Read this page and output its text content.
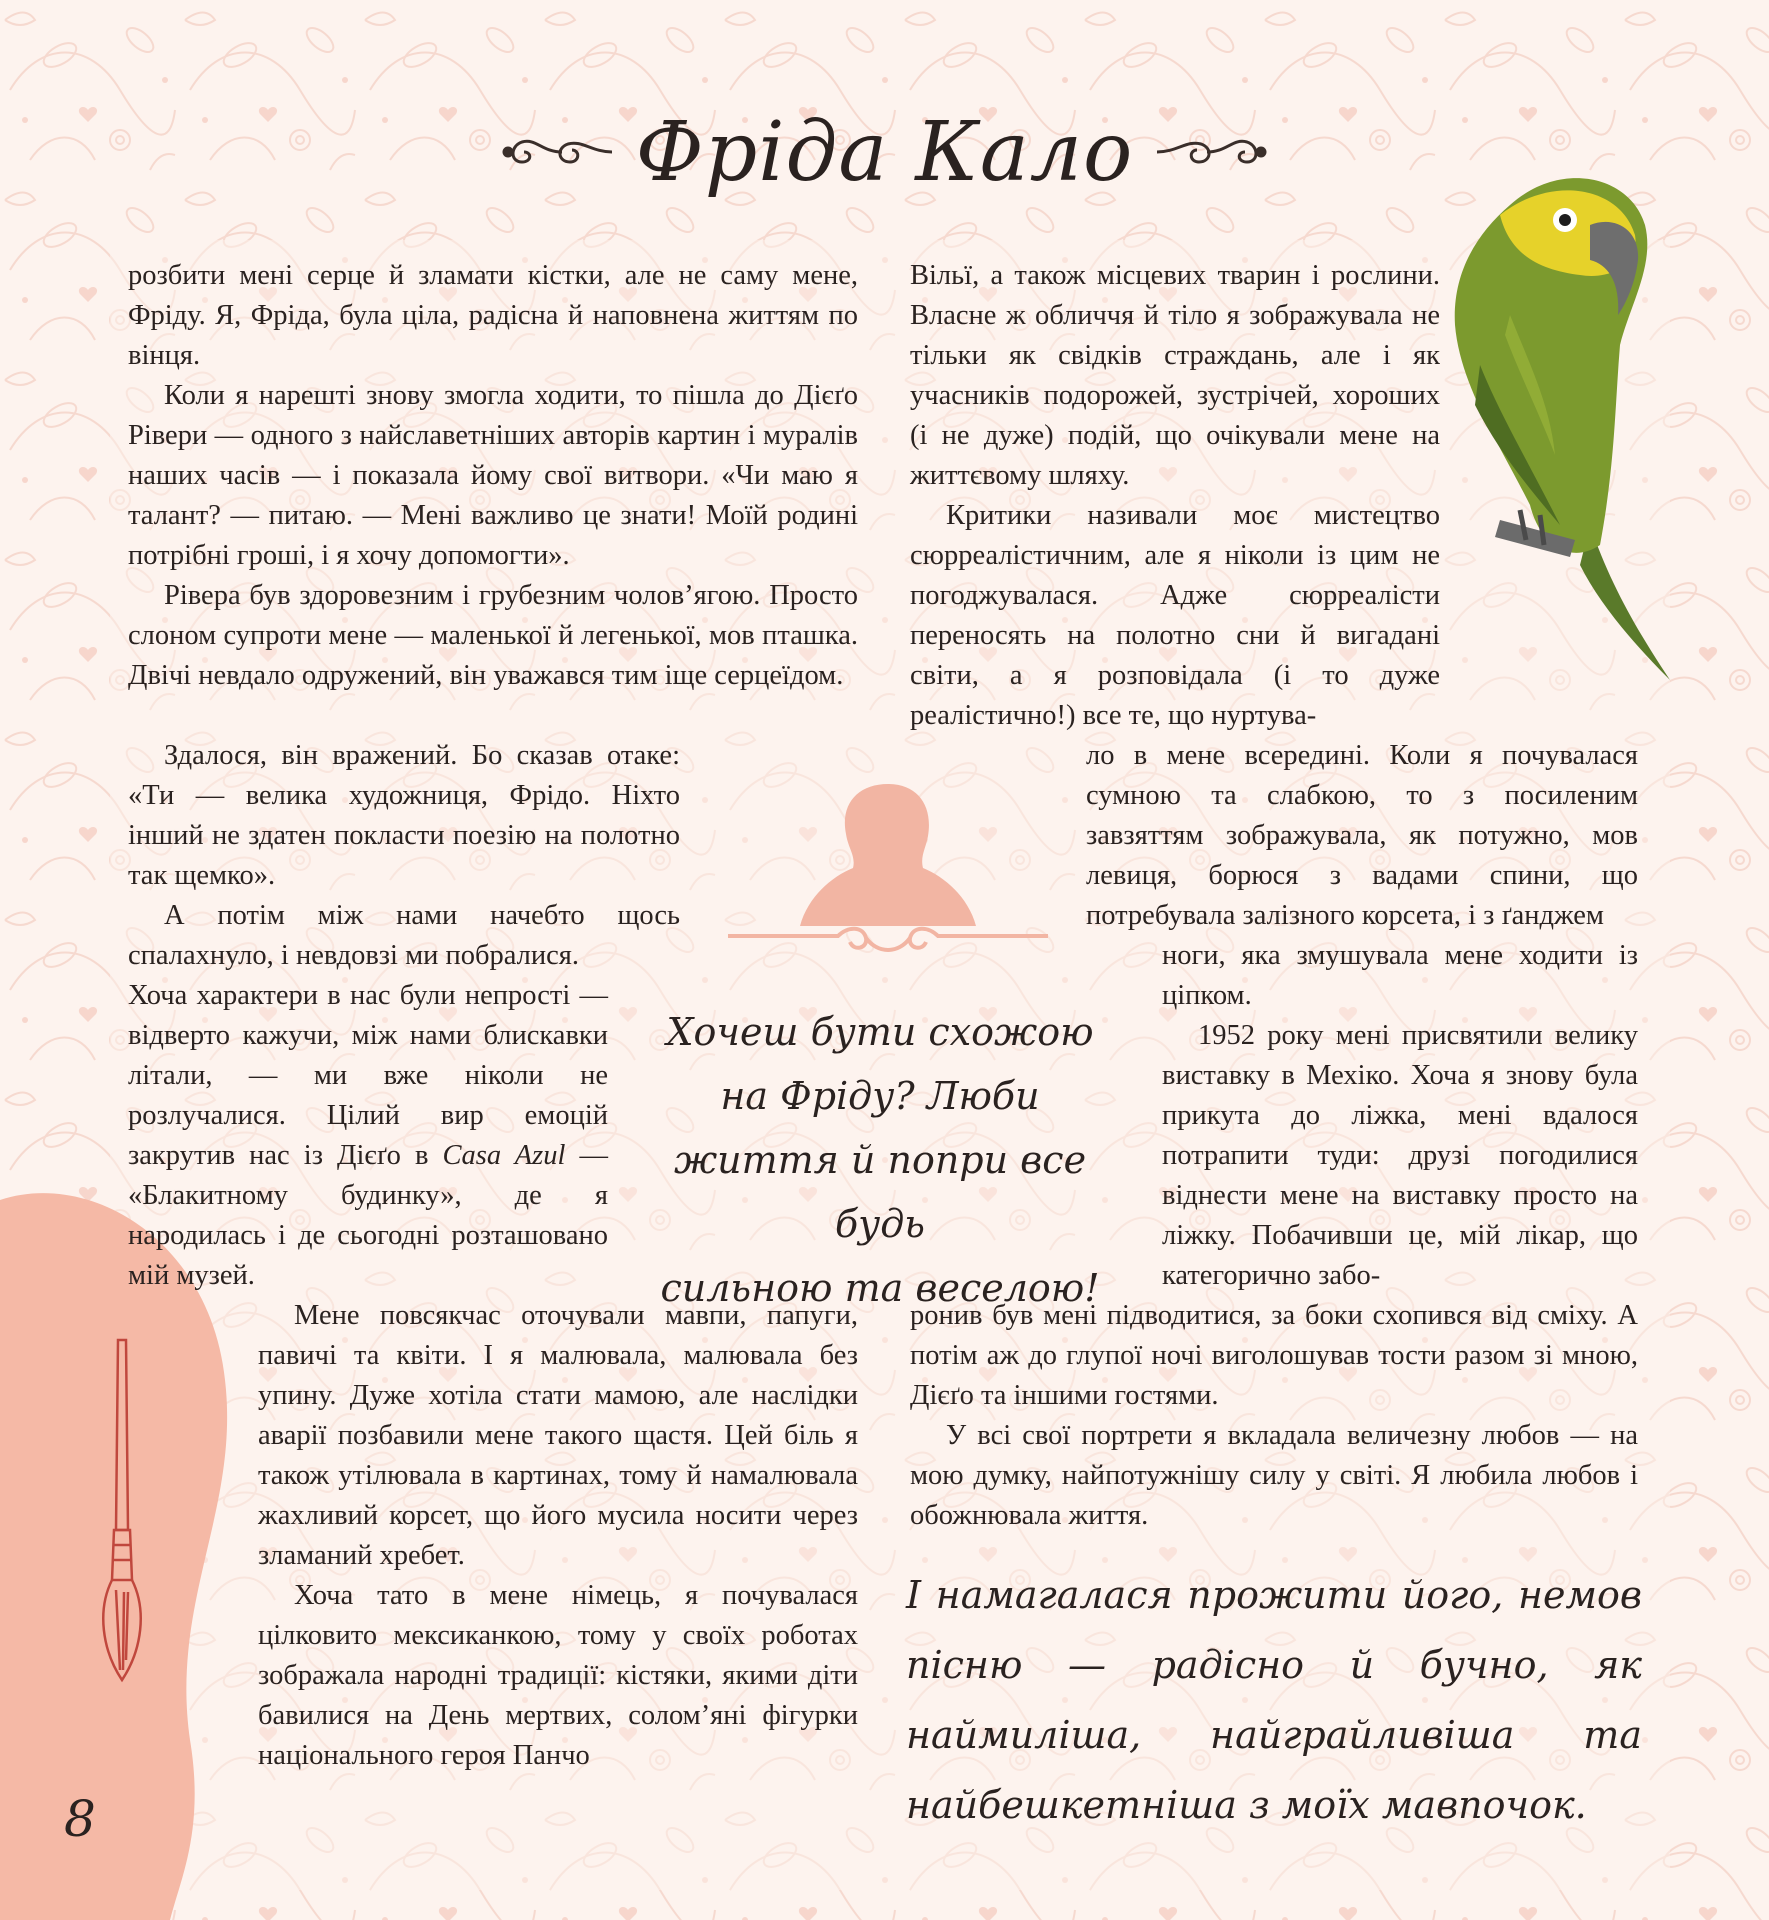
Фріда Кало

розбити мені серце й зламати кістки, але не саму мене, Фріду. Я, Фріда, була ціла, радісна й наповнена життям по вінця.

Коли я нарешті знову змогла ходити, то пішла до Дієґо Рівери — одного з найславетніших авторів картин і муралів наших часів — і показала йому свої витвори. «Чи маю я талант? — питаю. — Мені важливо це знати! Моїй родині потрібні гроші, і я хочу допомогти».

Рівера був здоровезним і грубезним чолов’ягою. Просто слоном супроти мене — маленької й легенької, мов пташка. Двічі невдало одружений, він уважався тим іще серцеїдом.

Здалося, він вражений. Бо сказав отаке: «Ти — велика художниця, Фрідо. Ніхто інший не здатен покласти поезію на полотно так щемко».

А потім між нами начебто щось спалахнуло, і невдовзі ми побралися.

Хоча характери в нас були непрості — відверто кажучи, між нами блискавки літали, — ми вже ніколи не розлучалися. Цілий вир емоцій закрутив нас із Дієґо в Casa Azul — «Блакитному будинку», де я народилась і де сьогодні розташовано мій музей.

Мене повсякчас оточували мавпи, папуги, павичі та квіти. І я малювала, малювала без упину. Дуже хотіла стати мамою, але наслідки аварії позбавили мене такого щастя. Цей біль я також утілювала в картинах, тому й намалювала жахливий корсет, що його мусила носити через зламаний хребет.

Хоча тато в мене німець, я почувалася цілковито мексиканкою, тому у своїх роботах зображала народні традиції: кістяки, якими діти бавилися на День мертвих, солом’яні фігурки національного героя Панчо

Хочеш бути схожою
на Фріду? Люби
життя й попри все будь
сильною та веселою!

Вільї, а також місцевих тварин і рослини. Власне ж обличчя й тіло я зображувала не тільки як свідків страждань, але і як учасників подорожей, зустрічей, хороших (і не дуже) подій, що очікували мене на життєвому шляху.

Критики називали моє мистецтво сюрреалістичним, але я ніколи із цим не погоджувалася. Адже сюрреалісти переносять на полотно сни й вигадані світи, а я розповідала (і то дуже реалістично!) все те, що нуртува-

ло в мене всередині. Коли я почувалася сумною та слабкою, то з посиленим завзяттям зображувала, як потужно, мов левиця, борюся з вадами спини, що потребувала залізного корсета, і з ґанджем

ноги, яка змушувала мене ходити із ціпком.

1952 року мені присвятили велику виставку в Мехіко. Хоча я знову була прикута до ліжка, мені вдалося потрапити туди: друзі погодилися віднести мене на виставку просто на ліжку. Побачивши це, мій лікар, що категорично забо-

ронив був мені підводитися, за боки схопився від сміху. А потім аж до глупої ночі виголошував тости разом зі мною, Дієґо та іншими гостями.

У всі свої портрети я вкладала величезну любов — на мою думку, найпотужнішу силу у світі. Я любила любов і обожнювала життя.

І намагалася прожити його, немов пісню — радісно й бучно, як наймиліша, найграйливіша та найбешкетніша з моїх мавпочок.
8
